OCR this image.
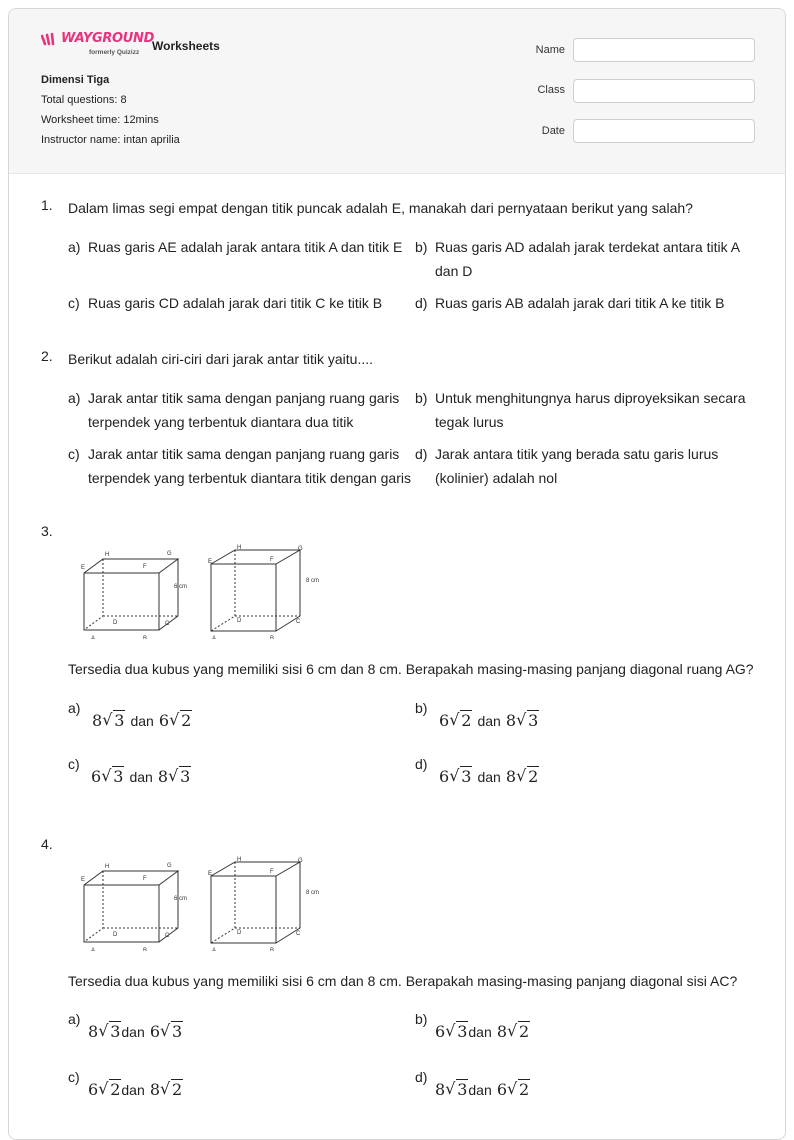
WAYGROUND
formerly Quizizz Worksheets
Dimensi Tiga
Total questions: 8
Worksheet time: 12mins
Instructor name: intan aprilia
Name
Class
Date
1. Dalam limas segi empat dengan titik puncak adalah E, manakah dari pernyataan berikut yang salah?
a) Ruas garis AE adalah jarak antara titik A dan titik E b) Ruas garis AD adalah jarak terdekat antara titik A
dan D
c) Ruas garis CD adalah jarak dari titik C ke titik B d) Ruas garis AB adalah jarak dari titik A ke titik B
2. Berikut adalah ciri-ciri dari jarak antar titik yaitu....
a) Jarak antar titik sama dengan panjang ruang garis
terpendek yang terbentuk diantara dua titik
b) Untuk menghitungnya harus diproyeksikan secara
tegak lurus
c) Jarak antar titik sama dengan panjang ruang garis
terpendek yang terbentuk diantara titik dengan garis
d) Jarak antara titik yang berada satu garis lurus
(kolinier) adalah nol
3.
H	G
E	F
D	C
A	B
6 cm
H	G
E	F
D	C
A	B
8 cm
Tersedia dua kubus yang memiliki sisi 6 cm dan 8 cm. Berapakah masing-masing panjang diagonal ruang AG?
a)
8 √ 3 dan 6 √ 2
b)
6 √ 2 dan 8 √ 3
c)
6 √ 3 dan 8 √ 3
d)
6 √ 3 dan 8 √ 2
4.
H	G
E	F
D	C
A	B
6 cm
H	G
E	F
D	C
A	B
8 cm
Tersedia dua kubus yang memiliki sisi 6 cm dan 8 cm. Berapakah masing-masing panjang diagonal sisi AC?
a)
8 √ 3dan 6 √ 3
b)
6 √ 3dan 8 √ 2
c)
6 √ 2dan 8 √ 2
d)
8 √ 3dan 6 √ 2
